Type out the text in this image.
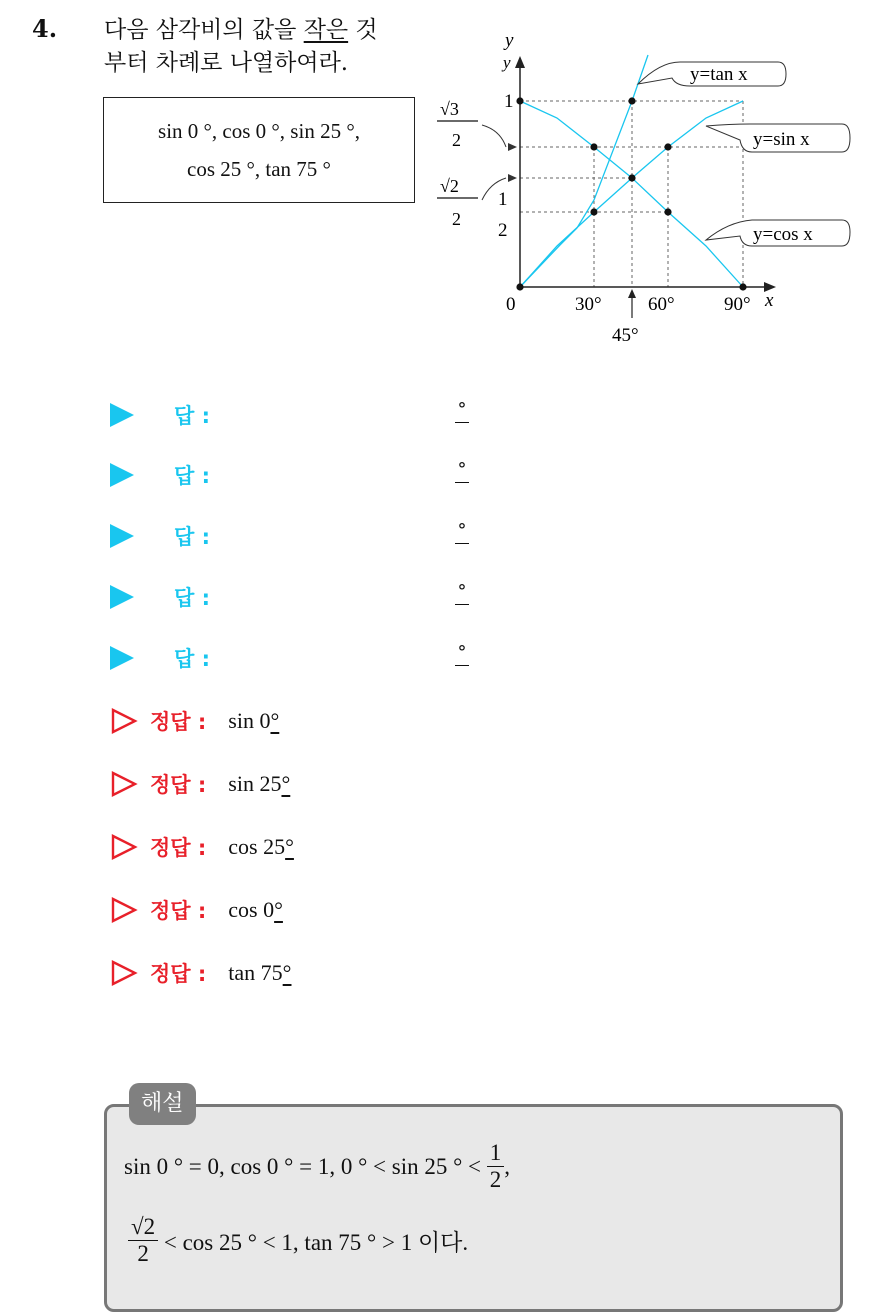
4. 다음 삼각비의 값을 작은 것
부터 차례로 나열하여라.
sin 0 °, cos 0 °, sin 25 °,
cos 25 °, tan 75 °
y
y
1
√3
2
√2
2
1
2
0	30° 60°	90° x
45°
y=tan x
y=sin x
y=cos x
답 :	°
답 :	°
답 :	°
답 :	°
답 :	°
정답 : sin 0°
정답 : sin 25°
정답 : cos 25°
정답 : cos 0°
정답 : tan 75°
해설
sin 0 ° = 0, cos 0 ° = 1, 0 ° < sin 25 ° < $\frac{1}{2}$ ,
$\frac{√2}{2} < \cos 25$ ° < 1, tan 75 ° > 1 이다.
